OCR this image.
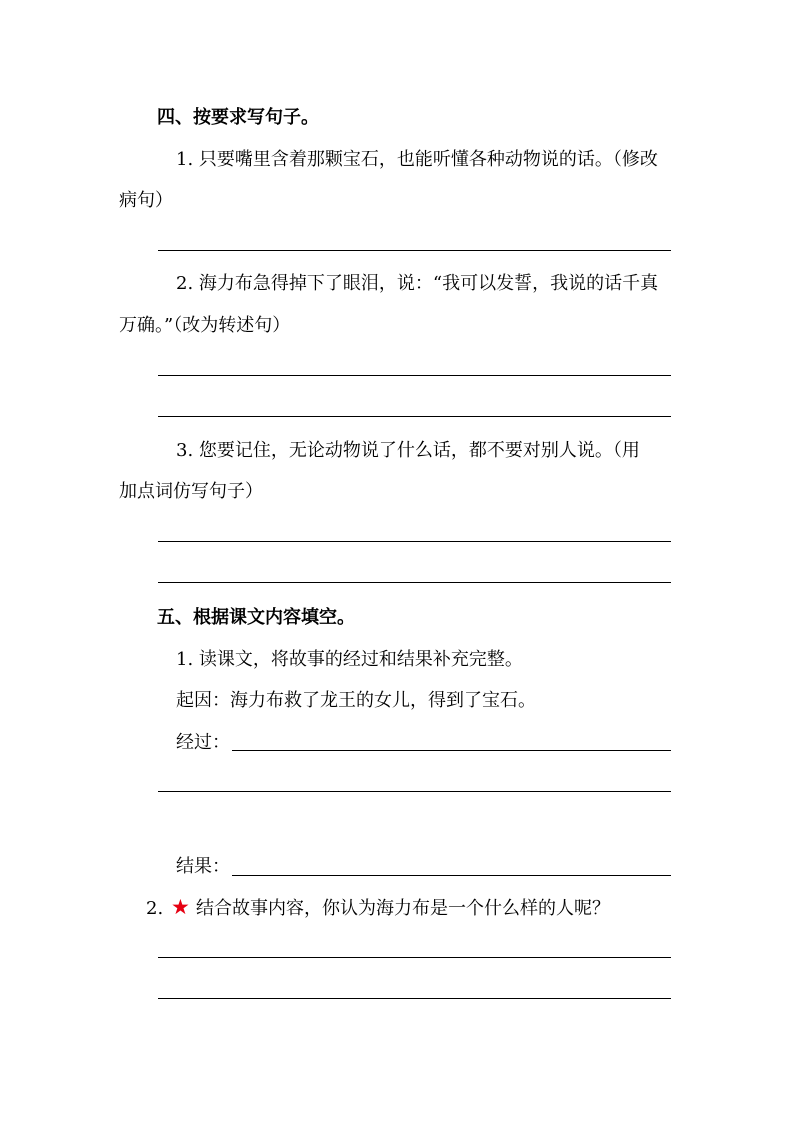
四、按要求写句子。
1. 只要嘴里含着那颗宝石，也能听懂各种动物说的话。（修改
病句）
2. 海力布急得掉下了眼泪，说：“我可以发誓，我说的话千真
万确。”（改为转述句）
3. 您要记住，无论动物说了什么话，都不要对别人说。（用
加点词仿写句子）
五、根据课文内容填空。
1. 读课文，将故事的经过和结果补充完整。
起因：海力布救了龙王的女儿，得到了宝石。
经过：
结果：
2. ★ 结合故事内容，你认为海力布是一个什么样的人呢？
